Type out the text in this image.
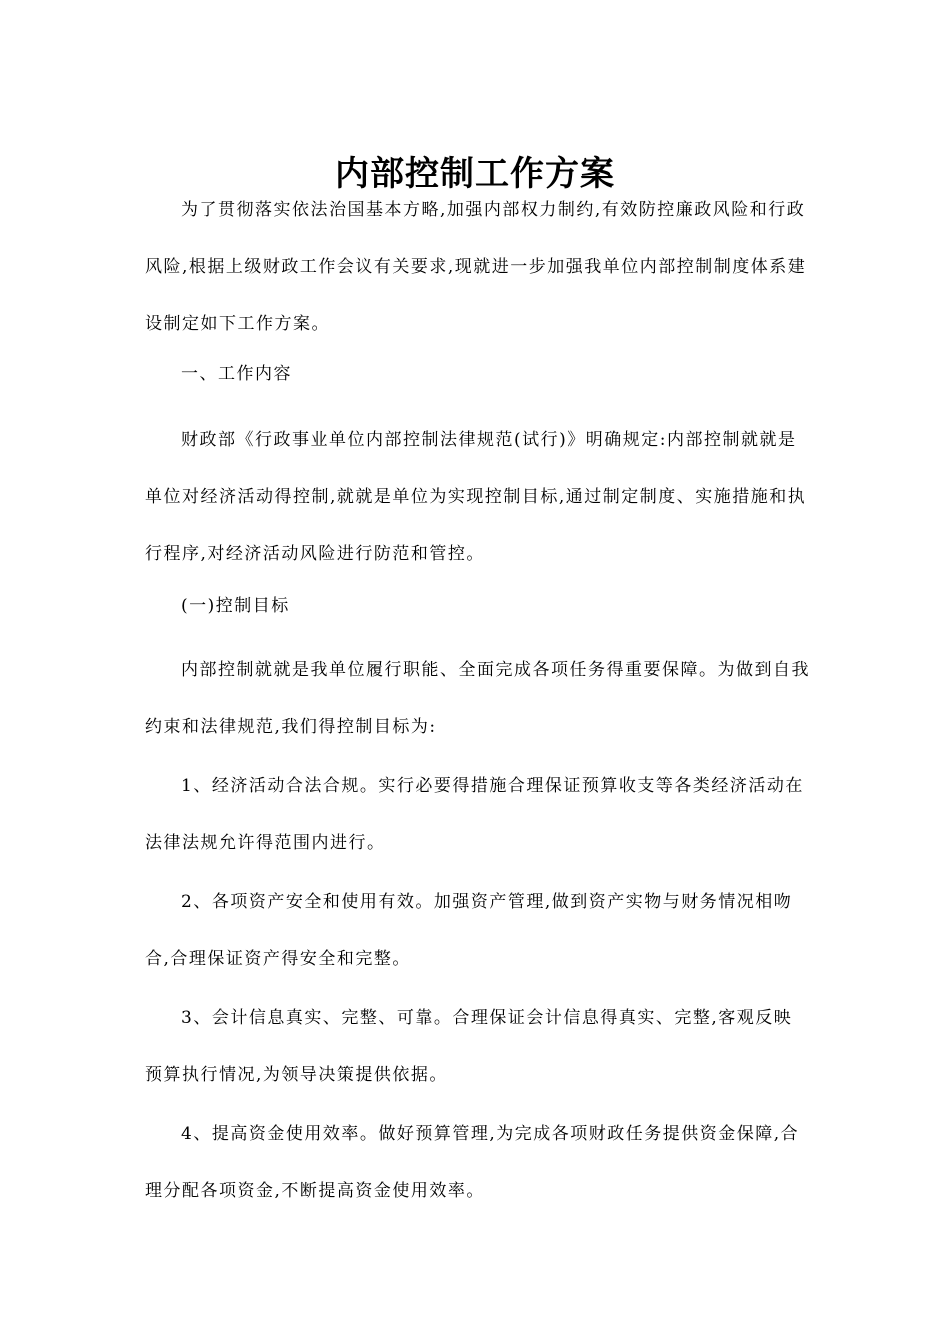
内部控制工作方案

为了贯彻落实依法治国基本方略,加强内部权力制约,有效防控廉政风险和行政风险,根据上级财政工作会议有关要求,现就进一步加强我单位内部控制制度体系建设制定如下工作方案。

一、工作内容

财政部《行政事业单位内部控制法律规范(试行)》明确规定:内部控制就就是单位对经济活动得控制,就就是单位为实现控制目标,通过制定制度、实施措施和执行程序,对经济活动风险进行防范和管控。

(一)控制目标

内部控制就就是我单位履行职能、全面完成各项任务得重要保障。为做到自我约束和法律规范,我们得控制目标为:

1、经济活动合法合规。实行必要得措施合理保证预算收支等各类经济活动在法律法规允许得范围内进行。

2、各项资产安全和使用有效。加强资产管理,做到资产实物与财务情况相吻合,合理保证资产得安全和完整。

3、会计信息真实、完整、可靠。合理保证会计信息得真实、完整,客观反映预算执行情况,为领导决策提供依据。

4、提高资金使用效率。做好预算管理,为完成各项财政任务提供资金保障,合理分配各项资金,不断提高资金使用效率。
